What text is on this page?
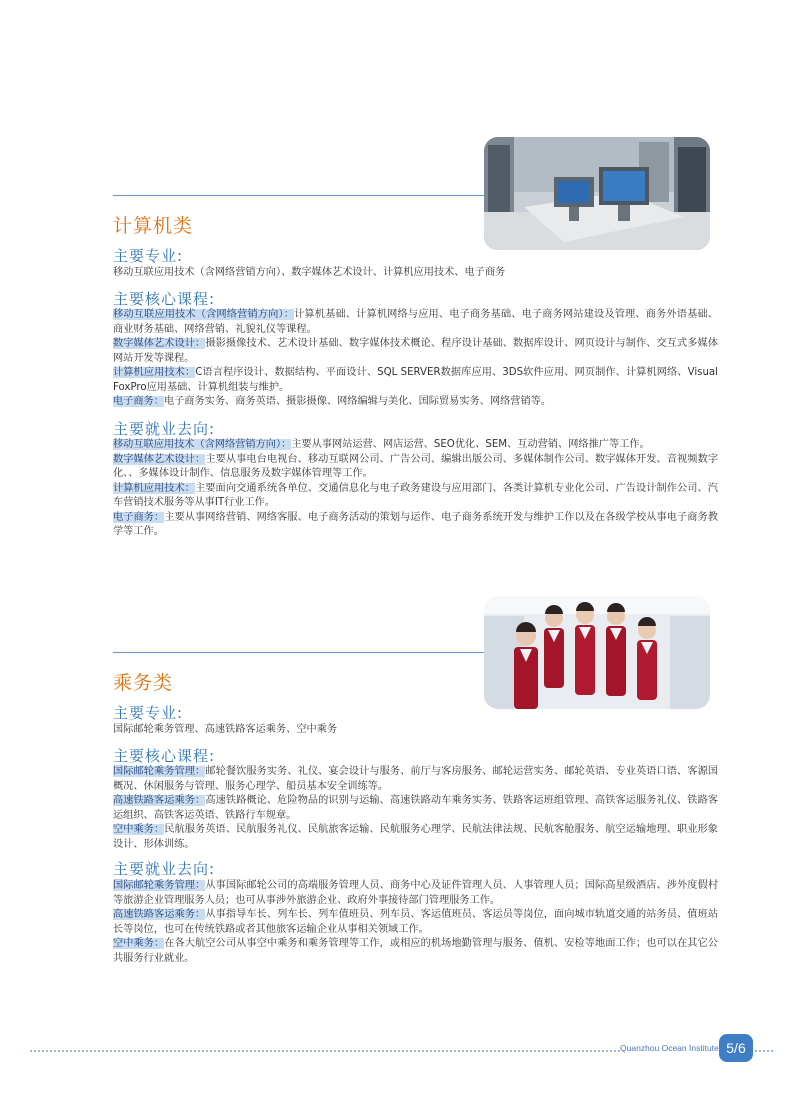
计算机类
主要专业:
移动互联应用技术（含网络营销方向）、数字媒体艺术设计、计算机应用技术、电子商务
主要核心课程:
移动互联应用技术（含网络营销方向）：计算机基础、计算机网络与应用、电子商务基础、电子商务网站建设及管理、商务外语基础、商业财务基础、网络营销、礼貌礼仪等课程。
数字媒体艺术设计：摄影摄像技术、艺术设计基础、数字媒体技术概论、程序设计基础、数据库设计、网页设计与制作、交互式多媒体网站开发等课程。
计算机应用技术：C语言程序设计、数据结构、平面设计、SQL SERVER数据库应用、3DS软件应用、网页制作、计算机网络、Visual FoxPro应用基础、计算机组装与维护。
电子商务：电子商务实务、商务英语、摄影摄像、网络编辑与美化、国际贸易实务、网络营销等。
主要就业去向:
移动互联应用技术（含网络营销方向）：主要从事网站运营、网店运营、SEO优化、SEM、互动营销、网络推广等工作。
数字媒体艺术设计：主要从事电台电视台、移动互联网公司、广告公司、编辑出版公司、多媒体制作公司、数字媒体开发、音视频数字化、、多媒体设计制作、信息服务及数字媒体管理等工作。
计算机应用技术：主要面向交通系统各单位、交通信息化与电子政务建设与应用部门、各类计算机专业化公司、广告设计制作公司、汽车营销技术服务等从事IT行业工作。
电子商务：主要从事网络营销、网络客服、电子商务活动的策划与运作、电子商务系统开发与维护工作以及在各级学校从事电子商务教学等工作。
乘务类
主要专业:
国际邮轮乘务管理、高速铁路客运乘务、空中乘务
主要核心课程:
国际邮轮乘务管理：邮轮餐饮服务实务、礼仪、宴会设计与服务、前厅与客房服务、邮轮运营实务、邮轮英语、专业英语口语、客源国概况、休闲服务与管理、服务心理学、船员基本安全训练等。
高速铁路客运乘务：高速铁路概论、危险物品的识别与运输、高速铁路动车乘务实务、铁路客运班组管理、高铁客运服务礼仪、铁路客运组织、高铁客运英语、铁路行车规章。
空中乘务：民航服务英语、民航服务礼仪、民航旅客运输、民航服务心理学、民航法律法规、民航客舱服务、航空运输地理、职业形象设计、形体训练。
主要就业去向:
国际邮轮乘务管理：从事国际邮轮公司的高端服务管理人员、商务中心及证件管理人员、人事管理人员；国际高星级酒店、涉外度假村等旅游企业管理服务人员；也可从事涉外旅游企业、政府外事接待部门管理服务工作。
高速铁路客运乘务：从事指导车长、列车长、列车值班员、列车员、客运值班员、客运员等岗位，面向城市轨道交通的站务员、值班站长等岗位，也可在传统铁路或者其他旅客运输企业从事相关领域工作。
空中乘务：在各大航空公司从事空中乘务和乘务管理等工作，或相应的机场地勤管理与服务、值机、安检等地面工作；也可以在其它公共服务行业就业。
Quanzhou Ocean Institute 5/6
